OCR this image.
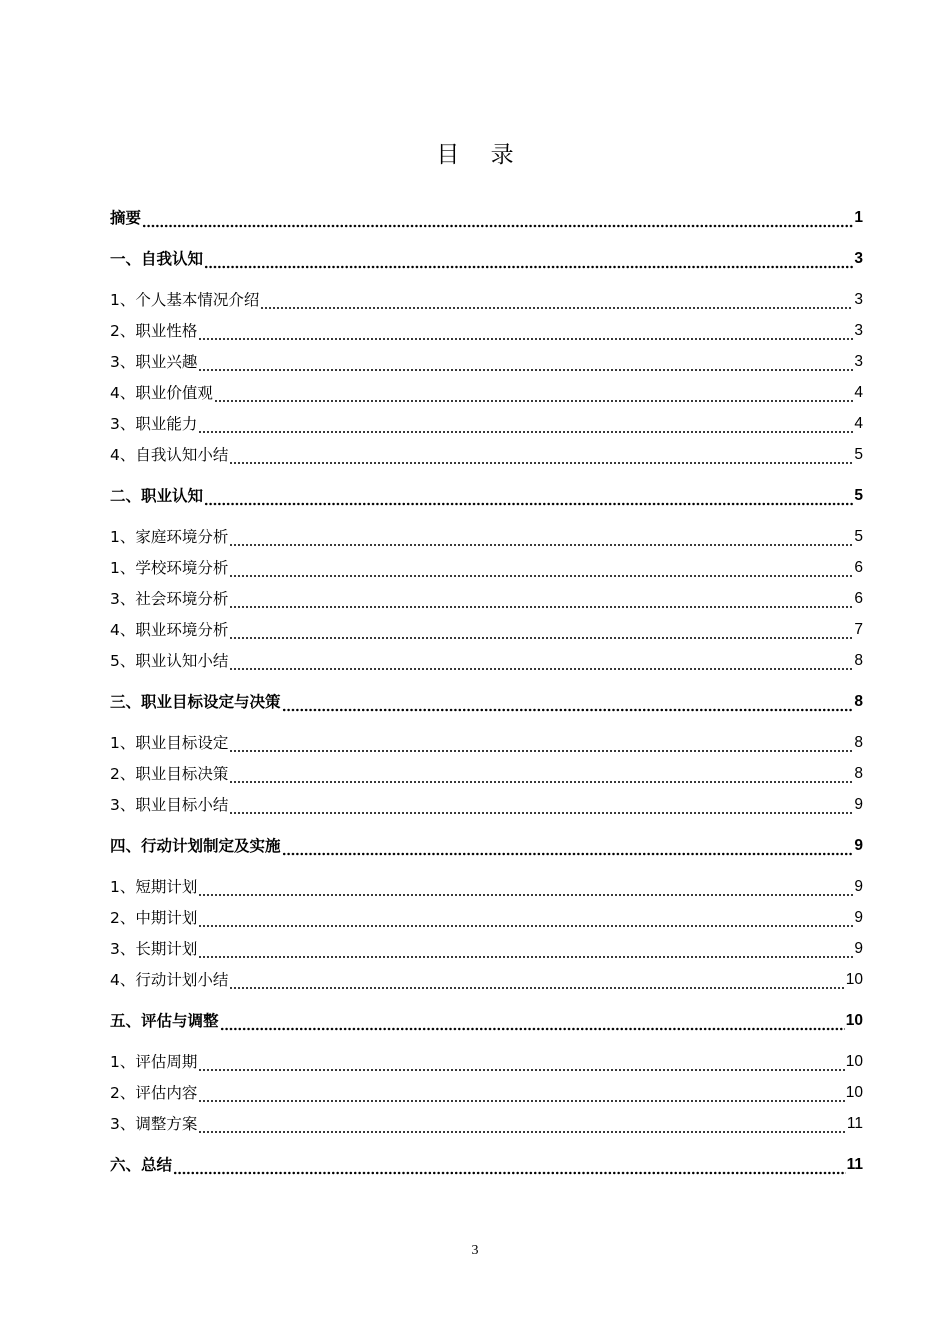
目 录
摘要	1
一、自我认知	3
1、个人基本情况介绍	3
2、职业性格	3
3、职业兴趣	3
4、职业价值观	4
3、职业能力	4
4、自我认知小结	5
二、职业认知	5
1、家庭环境分析	5
1、学校环境分析	6
3、社会环境分析	6
4、职业环境分析	7
5、职业认知小结	8
三、职业目标设定与决策	8
1、职业目标设定	8
2、职业目标决策	8
3、职业目标小结	9
四、行动计划制定及实施	9
1、短期计划	9
2、中期计划	9
3、长期计划	9
4、行动计划小结	10
五、评估与调整	10
1、评估周期	10
2、评估内容	10
3、调整方案	11
六、总结	11
3
